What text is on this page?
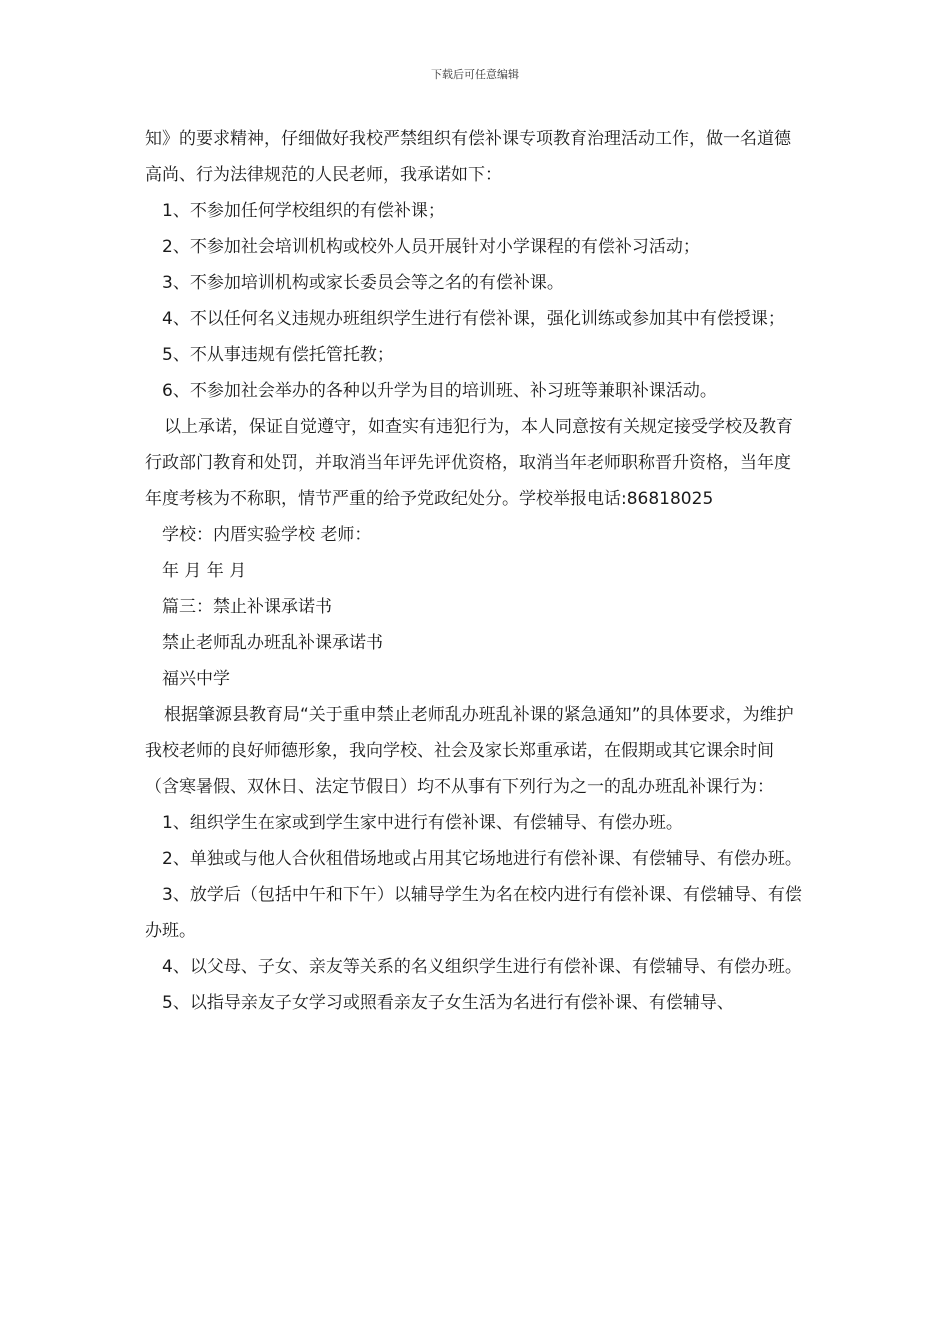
下载后可任意编辑

知》的要求精神，仔细做好我校严禁组织有偿补课专项教育治理活动工作，做一名道德高尚、行为法律规范的人民老师，我承诺如下：

1、不参加任何学校组织的有偿补课；

2、不参加社会培训机构或校外人员开展针对小学课程的有偿补习活动；

3、不参加培训机构或家长委员会等之名的有偿补课。

4、不以任何名义违规办班组织学生进行有偿补课，强化训练或参加其中有偿授课；

5、不从事违规有偿托管托教；

6、不参加社会举办的各种以升学为目的培训班、补习班等兼职补课活动。

以上承诺，保证自觉遵守，如查实有违犯行为，本人同意按有关规定接受学校及教育行政部门教育和处罚，并取消当年评先评优资格，取消当年老师职称晋升资格，当年度年度考核为不称职，情节严重的给予党政纪处分。学校举报电话:86818025

学校：内厝实验学校 老师：

年 月 年 月

篇三：禁止补课承诺书

禁止老师乱办班乱补课承诺书

福兴中学

根据肇源县教育局“关于重申禁止老师乱办班乱补课的紧急通知”的具体要求，为维护我校老师的良好师德形象，我向学校、社会及家长郑重承诺，在假期或其它课余时间（含寒暑假、双休日、法定节假日）均不从事有下列行为之一的乱办班乱补课行为：

1、组织学生在家或到学生家中进行有偿补课、有偿辅导、有偿办班。

2、单独或与他人合伙租借场地或占用其它场地进行有偿补课、有偿辅导、有偿办班。

3、放学后（包括中午和下午）以辅导学生为名在校内进行有偿补课、有偿辅导、有偿办班。

4、以父母、子女、亲友等关系的名义组织学生进行有偿补课、有偿辅导、有偿办班。

5、以指导亲友子女学习或照看亲友子女生活为名进行有偿补课、有偿辅导、
